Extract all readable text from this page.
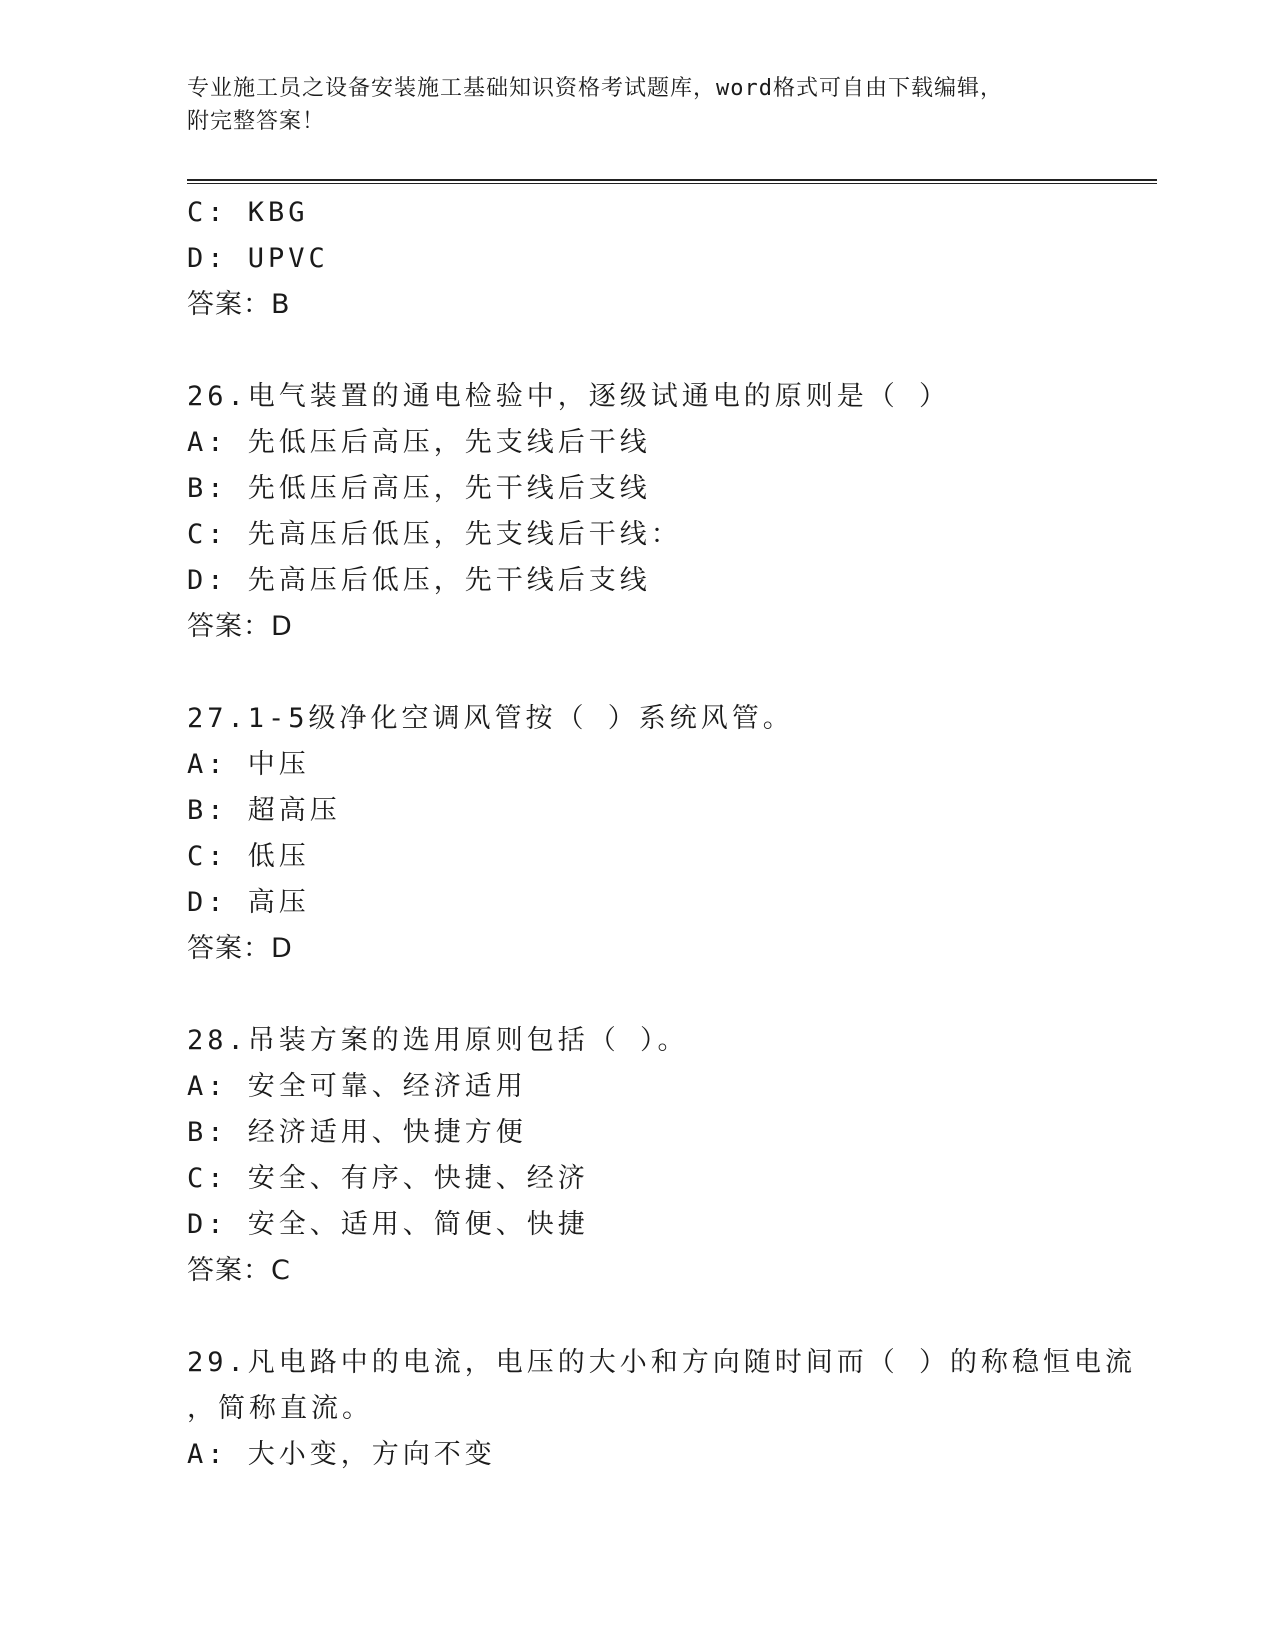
专业施工员之设备安装施工基础知识资格考试题库，word格式可自由下载编辑，
附完整答案！
C: KBG
D: UPVC
答案：B
26.电气装置的通电检验中，逐级试通电的原则是（ ）
A: 先低压后高压，先支线后干线
B: 先低压后高压，先干线后支线
C: 先高压后低压，先支线后干线：
D: 先高压后低压，先干线后支线
答案：D
27.1-5级净化空调风管按（ ）系统风管。
A: 中压
B: 超高压
C: 低压
D: 高压
答案：D
28.吊装方案的选用原则包括（ ）。
A: 安全可靠、经济适用
B: 经济适用、快捷方便
C: 安全、有序、快捷、经济
D: 安全、适用、简便、快捷
答案：C
29.凡电路中的电流，电压的大小和方向随时间而（ ）的称稳恒电流
，简称直流。
A: 大小变，方向不变
